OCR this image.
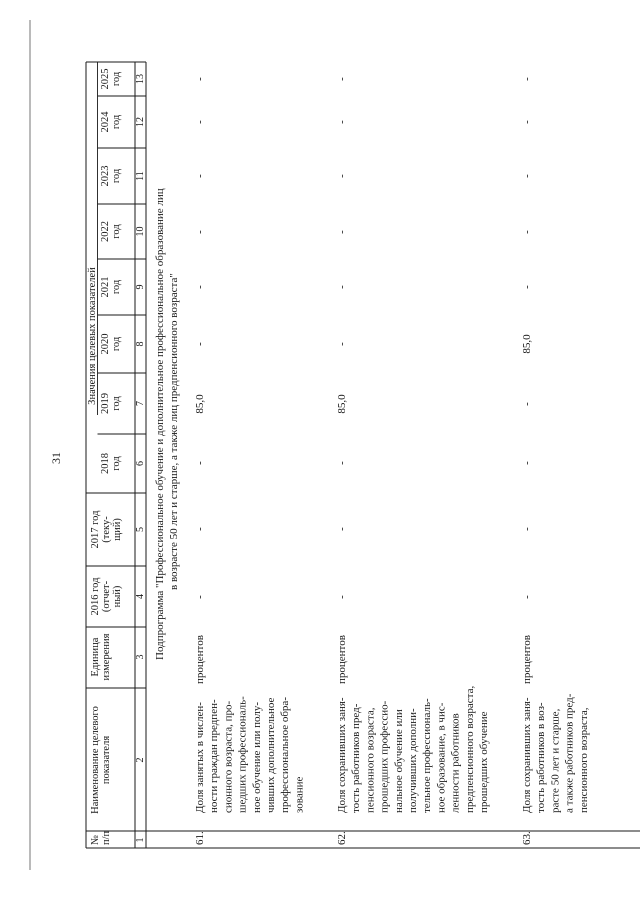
31
№ п/п
Наименование целевого показателя
Единица измерения
Значения целевых показателей
2016 год (отчет- ный) 4
2017 год (теку- щий) 5
2018 год 6
2019 год 7
2020 год 8
2021 год 9
2022 год 10
2023 год 11
2024 год 12
2025 год 13
1
2
3 Подпрограмма "Профессиональное обучение и дополнительное профессиональное образование лиц в возрасте 50 лет и старше, а также лиц предпенсионного возраста"
61.
Доля занятых в числен- ности граждан предпен- сионного возраста, про- шедших профессиональ- ное обучение или полу- чивших дополнительное профессиональное обра- зование
процентов
-
-
-
85,0
-
-
-
-
-
-
62.
Доля сохранивших заня- тость работников пред- пенсионного возраста, прошедших профессио- нальное обучение или получивших дополни- тельное профессиональ- ное образование, в чис- ленности работников предпенсионного возраста, прошедших обучение
процентов
-
-
-
85,0
-
-
-
-
-
-
63.
Доля сохранивших заня- тость работников в воз- расте 50 лет и старше, а также работников пред- пенсионного возраста,
процентов
-
-
-
-
85,0
-
-
-
-
-
